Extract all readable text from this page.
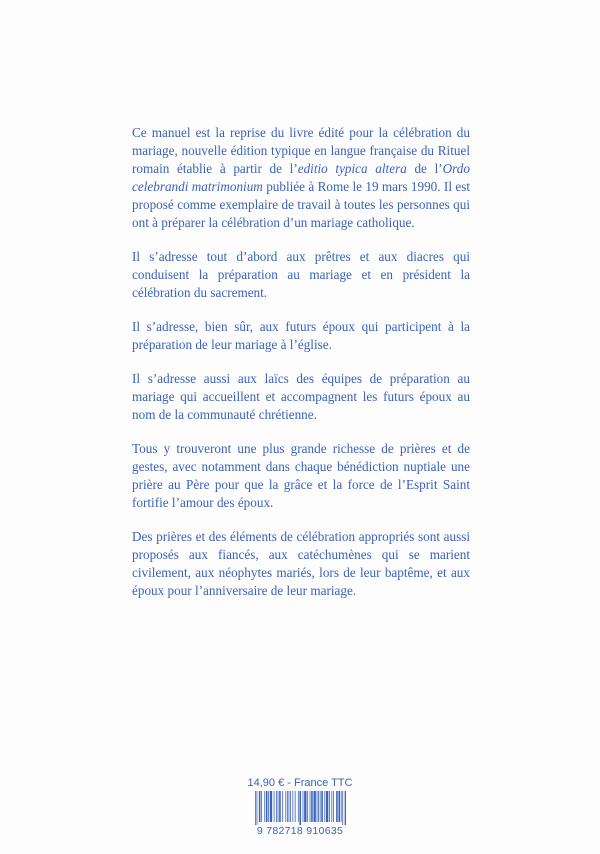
Ce manuel est la reprise du livre édité pour la célébration du mariage, nouvelle édition typique en langue française du Rituel romain établie à partir de l’editio typica altera de l’Ordo celebrandi matrimonium publiée à Rome le 19 mars 1990. Il est proposé comme exemplaire de travail à toutes les personnes qui ont à préparer la célébration d’un mariage catholique.

Il s’adresse tout d’abord aux prêtres et aux diacres qui conduisent la préparation au mariage et en président la célébration du sacrement.

Il s’adresse, bien sûr, aux futurs époux qui participent à la préparation de leur mariage à l’église.

Il s’adresse aussi aux laïcs des équipes de préparation au mariage qui accueillent et accompagnent les futurs époux au nom de la communauté chrétienne.

Tous y trouveront une plus grande richesse de prières et de gestes, avec notamment dans chaque bénédiction nuptiale une prière au Père pour que la grâce et la force de l’Esprit Saint fortifie l’amour des époux.

Des prières et des éléments de célébration appropriés sont aussi proposés aux fiancés, aux catéchumènes qui se marient civilement, aux néophytes mariés, lors de leur baptême, et aux époux pour l’anniversaire de leur mariage.

14,90 € - France TTC
9 782718 910635
